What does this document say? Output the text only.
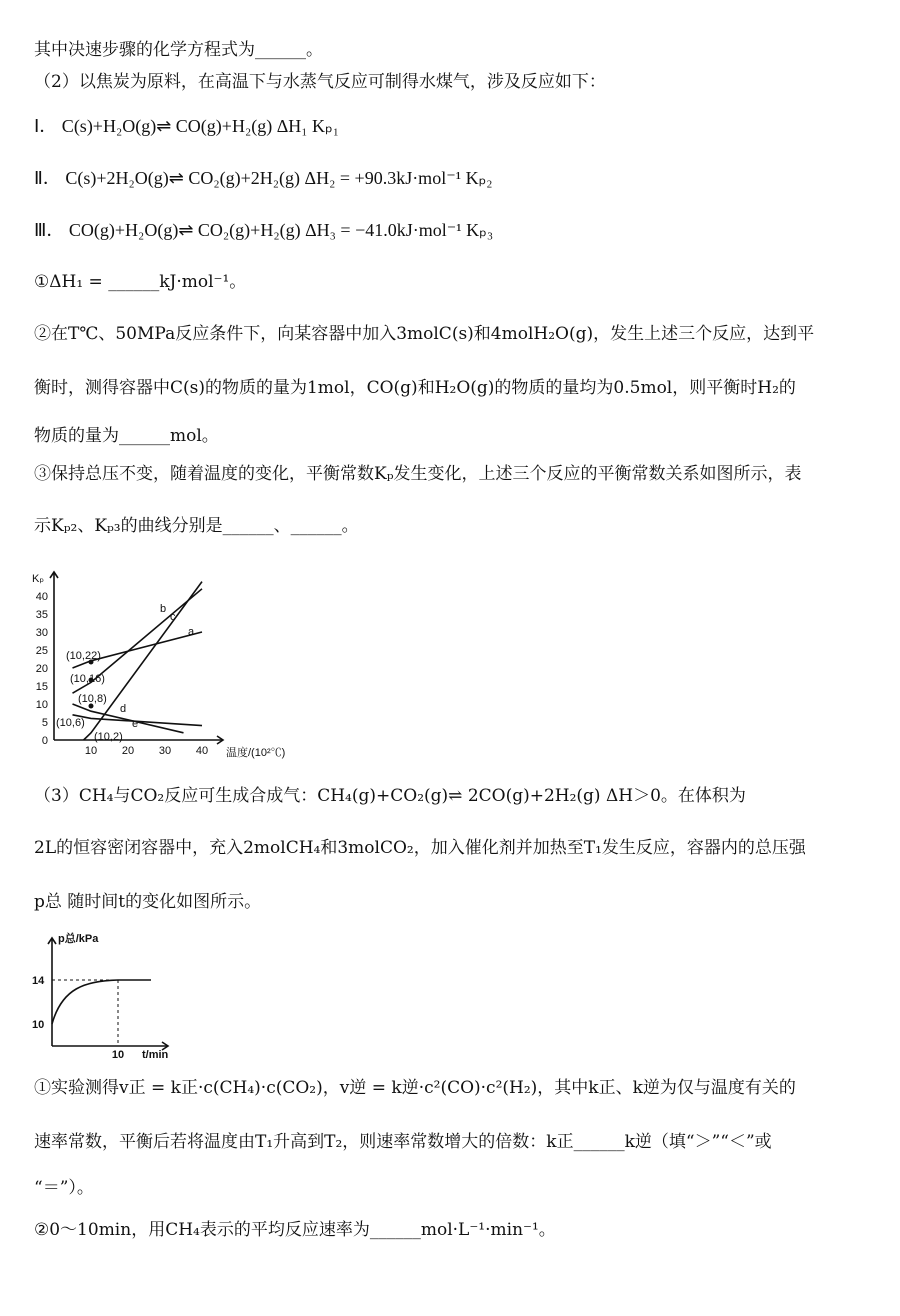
其中决速步骤的化学方程式为______。
（2）以焦炭为原料，在高温下与水蒸气反应可制得水煤气，涉及反应如下：
Ⅰ． C(s)+H₂O(g)⇌ CO(g)+H₂(g) ΔH₁ Kₚ₁
Ⅱ． C(s)+2H₂O(g)⇌ CO₂(g)+2H₂(g) ΔH₂ = +90.3kJ·mol⁻¹ Kₚ₂
Ⅲ． CO(g)+H₂O(g)⇌ CO₂(g)+H₂(g) ΔH₃ = −41.0kJ·mol⁻¹ Kₚ₃
①ΔH₁ = ______kJ·mol⁻¹。
②在T℃、50MPa反应条件下，向某容器中加入3molC(s)和4molH₂O(g)，发生上述三个反应，达到平
衡时，测得容器中C(s)的物质的量为1mol，CO(g)和H₂O(g)的物质的量均为0.5mol，则平衡时H₂的
物质的量为______mol。
③保持总压不变，随着温度的变化，平衡常数Kₚ发生变化，上述三个反应的平衡常数关系如图所示，表
示Kₚ₂、Kₚ₃的曲线分别是______、______。
Kₚ
0
5
10
15
20
25
30
35
40
10 20 30 40 温度/(10²℃)
(10,22)
(10,16)
(10,8)
(10,6)
(10,2)
a
b
c
d
e
（3）CH₄与CO₂反应可生成合成气：CH₄(g)+CO₂(g)⇌ 2CO(g)+2H₂(g) ΔH＞0。在体积为
2L的恒容密闭容器中，充入2molCH₄和3molCO₂，加入催化剂并加热至T₁发生反应，容器内的总压强
p总 随时间t的变化如图所示。
p总/kPa
14
10
10 t/min
①实验测得v正 = k正·c(CH₄)·c(CO₂)，v逆 = k逆·c²(CO)·c²(H₂)，其中k正、k逆为仅与温度有关的
速率常数，平衡后若将温度由T₁升高到T₂，则速率常数增大的倍数：k正______k逆（填“＞”“＜”或
“＝”）。
②0～10min，用CH₄表示的平均反应速率为______mol·L⁻¹·min⁻¹。
